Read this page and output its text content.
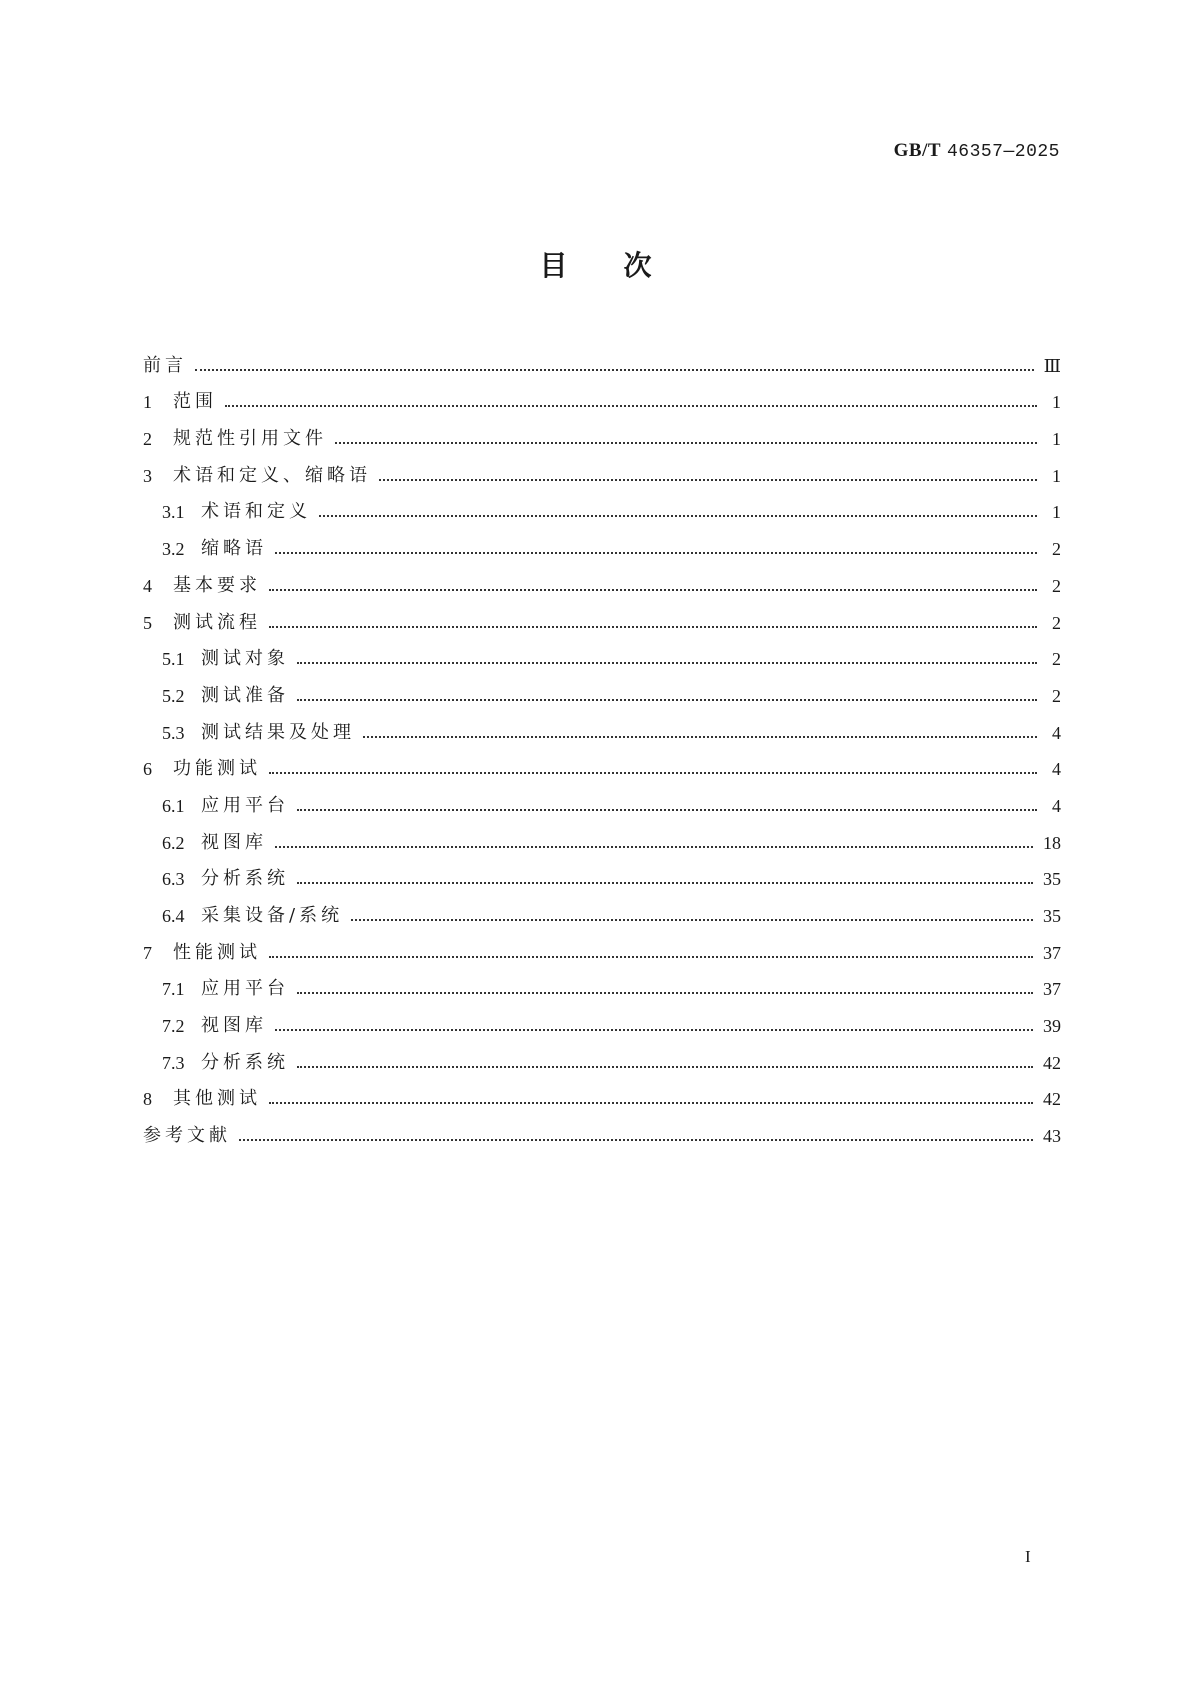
GB/T 46357—2025
目次
前言	Ⅲ
1	范围	1
2	规范性引用文件	1
3	术语和定义、缩略语	1
3.1 术语和定义	1
3.2 缩略语	2
4	基本要求	2
5	测试流程	2
5.1 测试对象	2
5.2 测试准备	2
5.3 测试结果及处理	4
6	功能测试	4
6.1 应用平台	4
6.2 视图库	18
6.3 分析系统	35
6.4 采集设备/系统	35
7	性能测试	37
7.1 应用平台	37
7.2 视图库	39
7.3 分析系统	42
8	其他测试	42
参考文献	43
I
